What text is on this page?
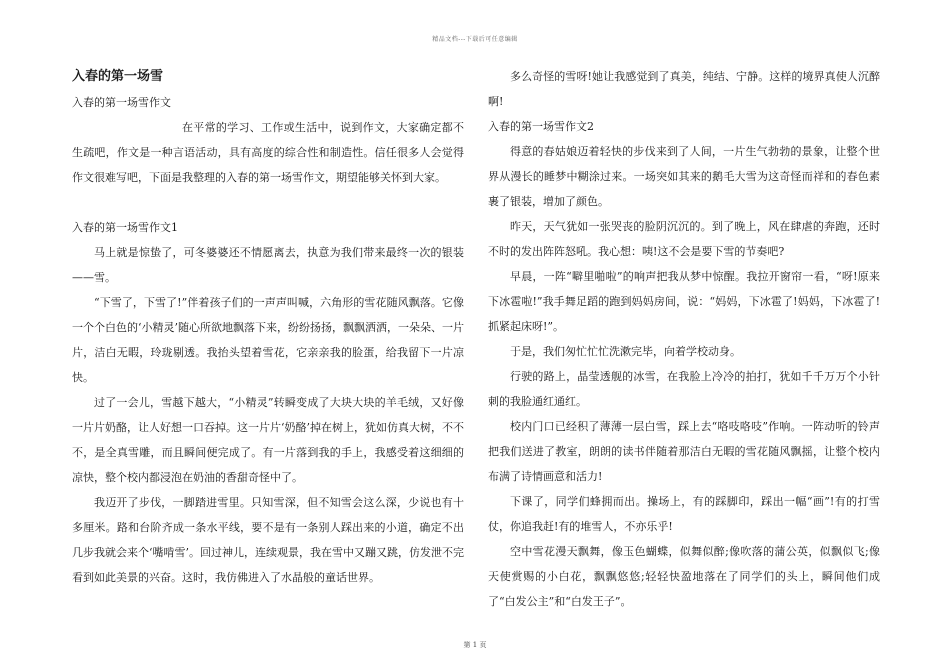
精品文档---下载后可任意编辑

入春的第一场雪

入春的第一场雪作文

在平常的学习、工作或生活中，说到作文，大家确定都不生疏吧，作文是一种言语活动，具有高度的综合性和制造性。信任很多人会觉得作文很难写吧，下面是我整理的入春的第一场雪作文，期望能够关怀到大家。

入春的第一场雪作文1

马上就是惊蛰了，可冬婆婆还不情愿离去，执意为我们带来最终一次的银装——雪。

“下雪了，下雪了!”伴着孩子们的一声声叫喊，六角形的雪花随风飘落。它像一个个白色的‘小精灵’随心所欲地飘落下来，纷纷扬扬，飘飘洒洒，一朵朵、一片片，洁白无暇，玲珑剔透。我抬头望着雪花，它亲亲我的脸蛋，给我留下一片凉快。

过了一会儿，雪越下越大，“小精灵”转瞬变成了大块大块的羊毛绒，又好像一片片奶酪，让人好想一口吞掉。这一片片‘奶酪’掉在树上，犹如仿真大树，不不不，是全真雪雕，而且瞬间便完成了。有一片落到我的手上，我感受着这细细的凉快，整个校内都浸泡在奶油的香甜奇怪中了。

我迈开了步伐，一脚踏进雪里。只知雪深，但不知雪会这么深，少说也有十多厘米。路和台阶齐成一条水平线，要不是有一条别人踩出来的小道，确定不出几步我就会来个‘嘴啃雪’。回过神儿，连续观景，我在雪中又蹦又跳，仿发泄不完看到如此美景的兴奋。这时，我仿佛进入了水晶般的童话世界。

多么奇怪的雪呀!她让我感觉到了真美，纯结、宁静。这样的境界真使人沉醉啊!

入春的第一场雪作文2

得意的春姑娘迈着轻快的步伐来到了人间，一片生气勃勃的景象，让整个世界从漫长的睡梦中糊涂过来。一场突如其来的鹅毛大雪为这奇怪而祥和的春色素裹了银装，增加了颜色。

昨天，天气犹如一张哭丧的脸阴沉沉的。到了晚上，风在肆虐的奔跑，还时不时的发出阵阵怒吼。我心想：咦!这不会是要下雪的节奏吧?

早晨，一阵“噼里啪啦”的响声把我从梦中惊醒。我拉开窗帘一看，“呀!原来下冰雹啦!”我手舞足蹈的跑到妈妈房间，说：“妈妈，下冰雹了!妈妈，下冰雹了!抓紧起床呀!”。

于是，我们匆忙忙忙洗漱完毕，向着学校动身。

行驶的路上，晶莹透舰的冰雪，在我脸上冷冷的拍打，犹如千千万万个小针刺的我脸通红通红。

校内门口已经积了薄薄一层白雪，踩上去“咯吱咯吱”作响。一阵动听的铃声把我们送进了教室，朗朗的读书伴随着那洁白无暇的雪花随风飘摇，让整个校内布满了诗情画意和活力!

下课了，同学们蜂拥而出。操场上，有的踩脚印，踩出一幅“画”!有的打雪仗，你追我赶!有的堆雪人，不亦乐乎!

空中雪花漫天飘舞，像玉色蝴蝶，似舞似醉;像吹落的蒲公英，似飘似飞;像天使赏赐的小白花，飘飘悠悠;轻轻快盈地落在了同学们的头上，瞬间他们成了“白发公主”和“白发王子”。

第 1 页
